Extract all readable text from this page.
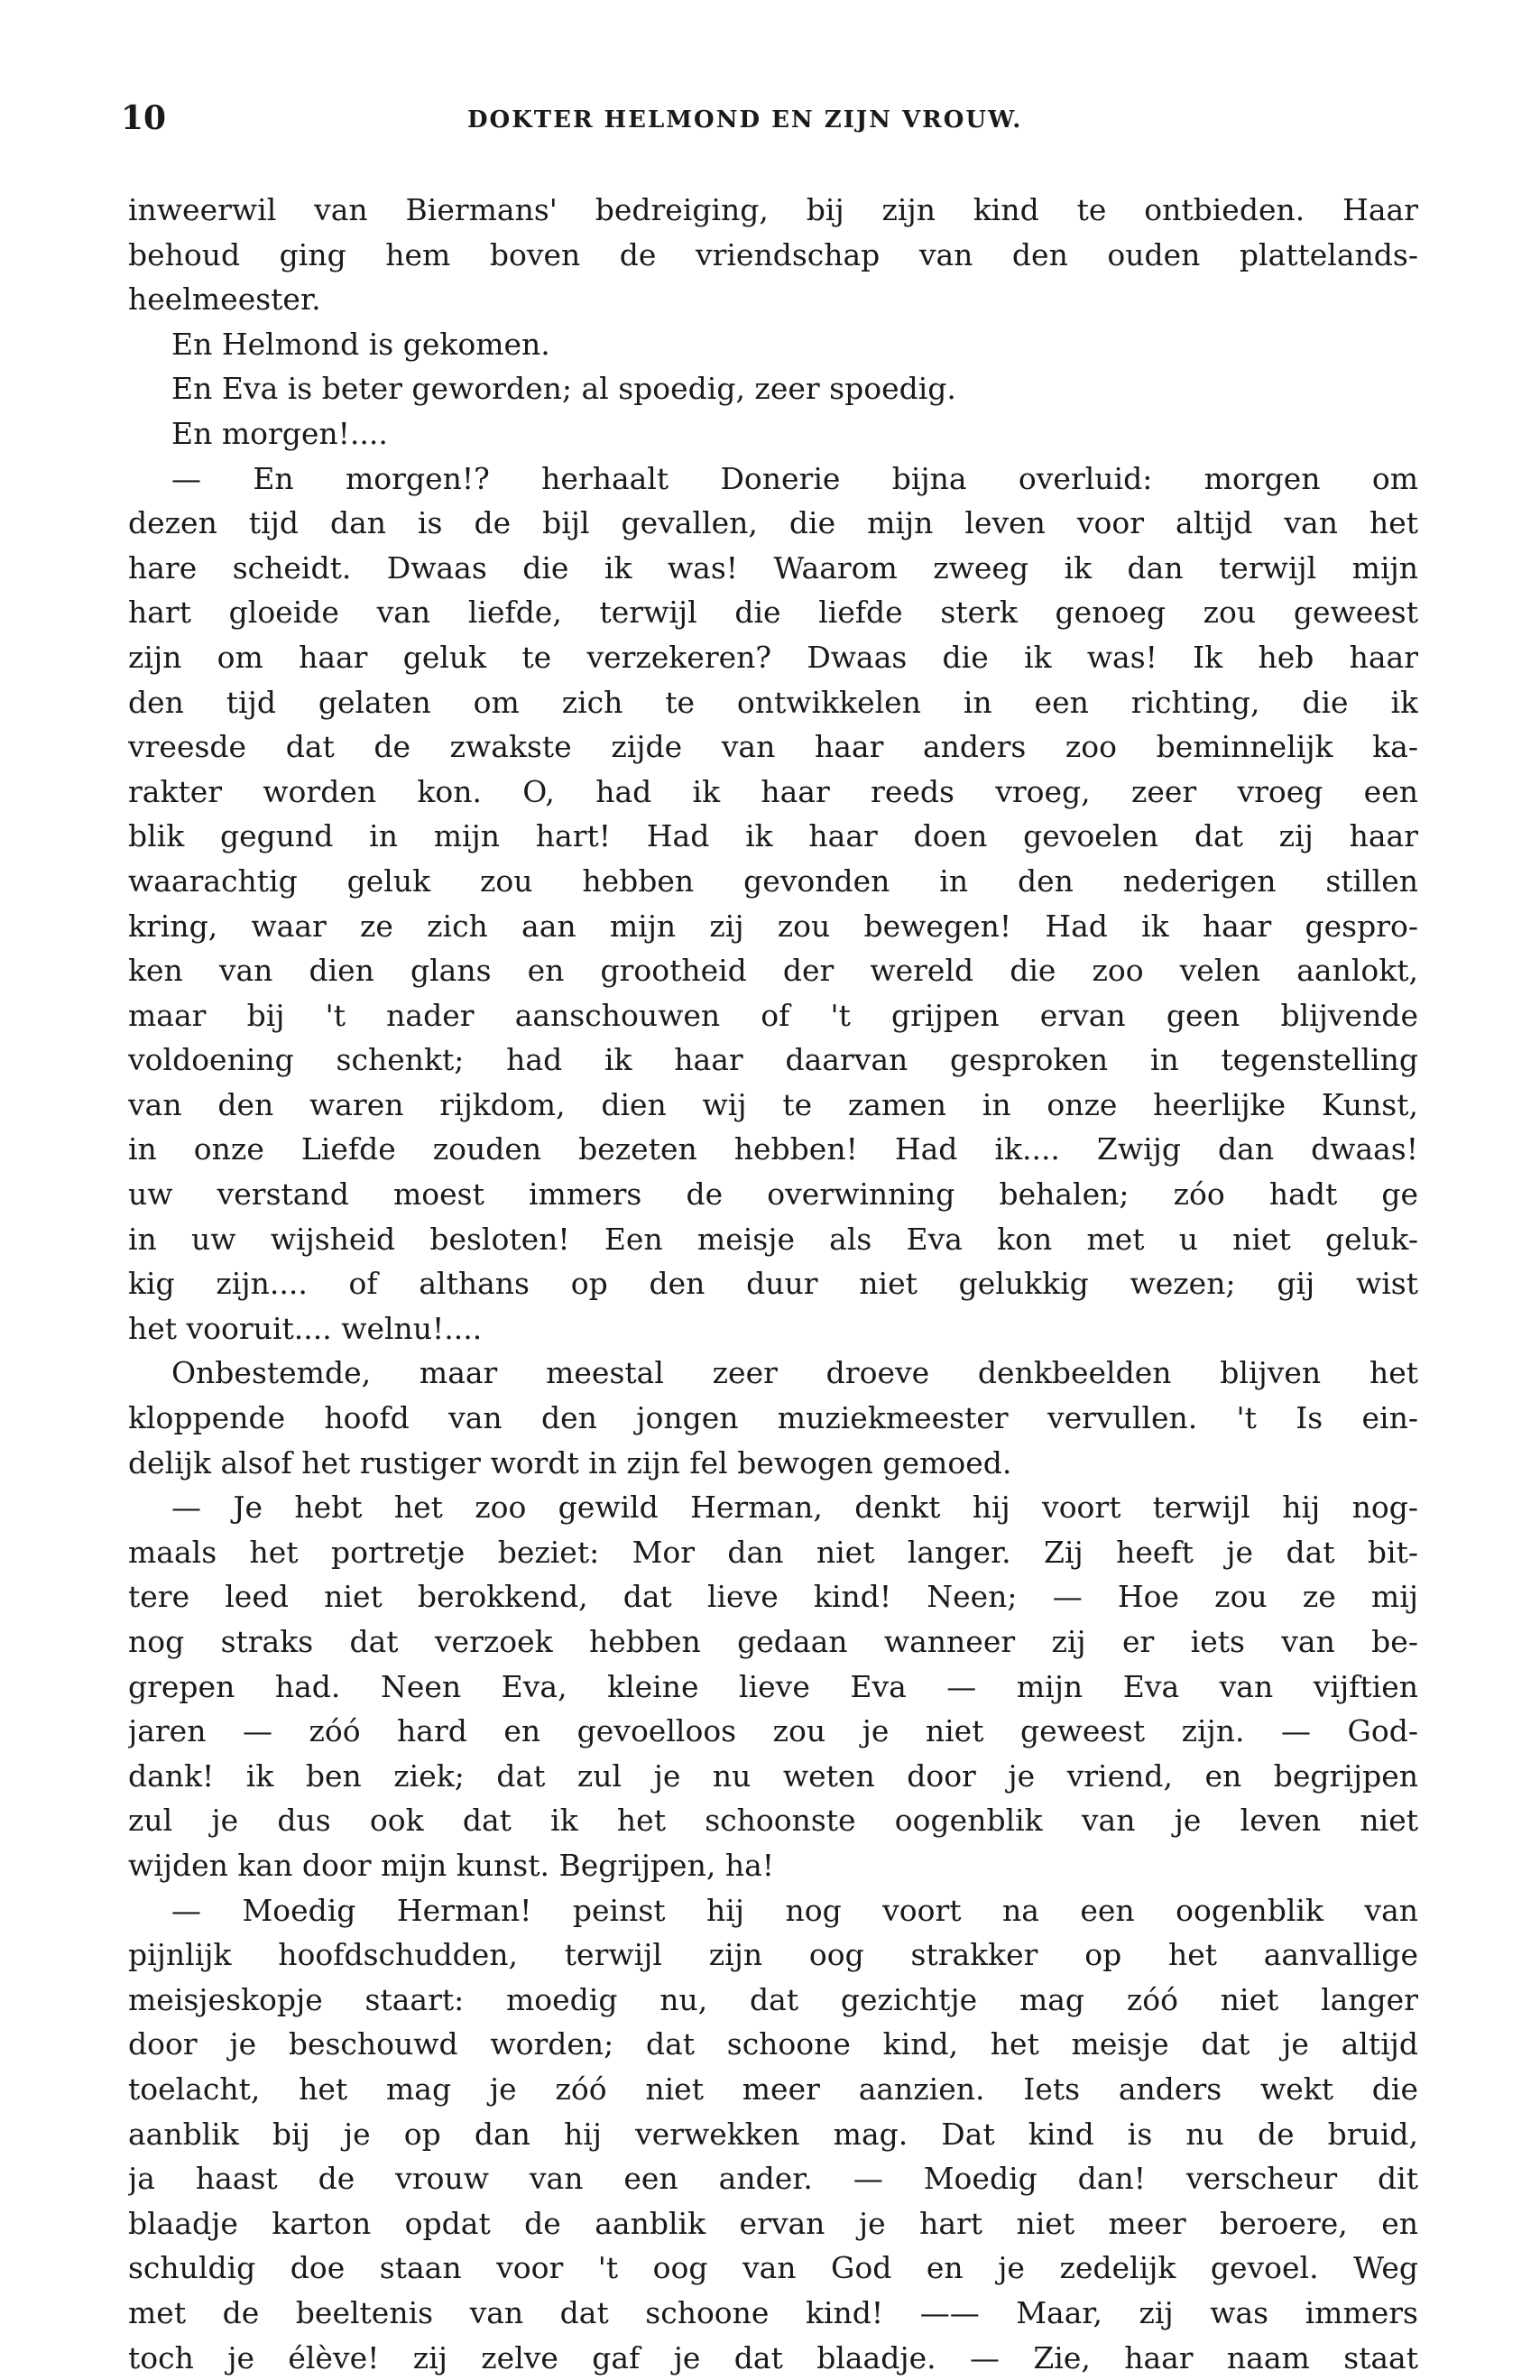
10	DOKTER HELMOND EN ZIJN VROUW.
inweerwil van Biermans' bedreiging, bij zijn kind te ontbieden. Haar
behoud ging hem boven de vriendschap van den ouden plattelands-
heelmeester.
En Helmond is gekomen.
En Eva is beter geworden; al spoedig, zeer spoedig.
En morgen!....
— En morgen!? herhaalt Donerie bijna overluid: morgen om
dezen tijd dan is de bijl gevallen, die mijn leven voor altijd van het
hare scheidt. Dwaas die ik was! Waarom zweeg ik dan terwijl mijn
hart gloeide van liefde, terwijl die liefde sterk genoeg zou geweest
zijn om haar geluk te verzekeren? Dwaas die ik was! Ik heb haar
den tijd gelaten om zich te ontwikkelen in een richting, die ik
vreesde dat de zwakste zijde van haar anders zoo beminnelijk ka-
rakter worden kon. O, had ik haar reeds vroeg, zeer vroeg een
blik gegund in mijn hart! Had ik haar doen gevoelen dat zij haar
waarachtig geluk zou hebben gevonden in den nederigen stillen
kring, waar ze zich aan mijn zij zou bewegen! Had ik haar gespro-
ken van dien glans en grootheid der wereld die zoo velen aanlokt,
maar bij 't nader aanschouwen of 't grijpen ervan geen blijvende
voldoening schenkt; had ik haar daarvan gesproken in tegenstelling
van den waren rijkdom, dien wij te zamen in onze heerlijke Kunst,
in onze Liefde zouden bezeten hebben! Had ik.... Zwijg dan dwaas!
uw verstand moest immers de overwinning behalen; zóo hadt ge
in uw wijsheid besloten! Een meisje als Eva kon met u niet geluk-
kig zijn.... of althans op den duur niet gelukkig wezen; gij wist
het vooruit.... welnu!....
Onbestemde, maar meestal zeer droeve denkbeelden blijven het
kloppende hoofd van den jongen muziekmeester vervullen. 't Is ein-
delijk alsof het rustiger wordt in zijn fel bewogen gemoed.
— Je hebt het zoo gewild Herman, denkt hij voort terwijl hij nog-
maals het portretje beziet: Mor dan niet langer. Zij heeft je dat bit-
tere leed niet berokkend, dat lieve kind! Neen; — Hoe zou ze mij
nog straks dat verzoek hebben gedaan wanneer zij er iets van be-
grepen had. Neen Eva, kleine lieve Eva — mijn Eva van vijftien
jaren — zóó hard en gevoelloos zou je niet geweest zijn. — God-
dank! ik ben ziek; dat zul je nu weten door je vriend, en begrijpen
zul je dus ook dat ik het schoonste oogenblik van je leven niet
wijden kan door mijn kunst. Begrijpen, ha!
— Moedig Herman! peinst hij nog voort na een oogenblik van
pijnlijk hoofdschudden, terwijl zijn oog strakker op het aanvallige
meisjeskopje staart: moedig nu, dat gezichtje mag zóó niet langer
door je beschouwd worden; dat schoone kind, het meisje dat je altijd
toelacht, het mag je zóó niet meer aanzien. Iets anders wekt die
aanblik bij je op dan hij verwekken mag. Dat kind is nu de bruid,
ja haast de vrouw van een ander. — Moedig dan! verscheur dit
blaadje karton opdat de aanblik ervan je hart niet meer beroere, en
schuldig doe staan voor 't oog van God en je zedelijk gevoel. Weg
met de beeltenis van dat schoone kind! —— Maar, zij was immers
toch je élève! zij zelve gaf je dat blaadje. — Zie, haar naam staat
